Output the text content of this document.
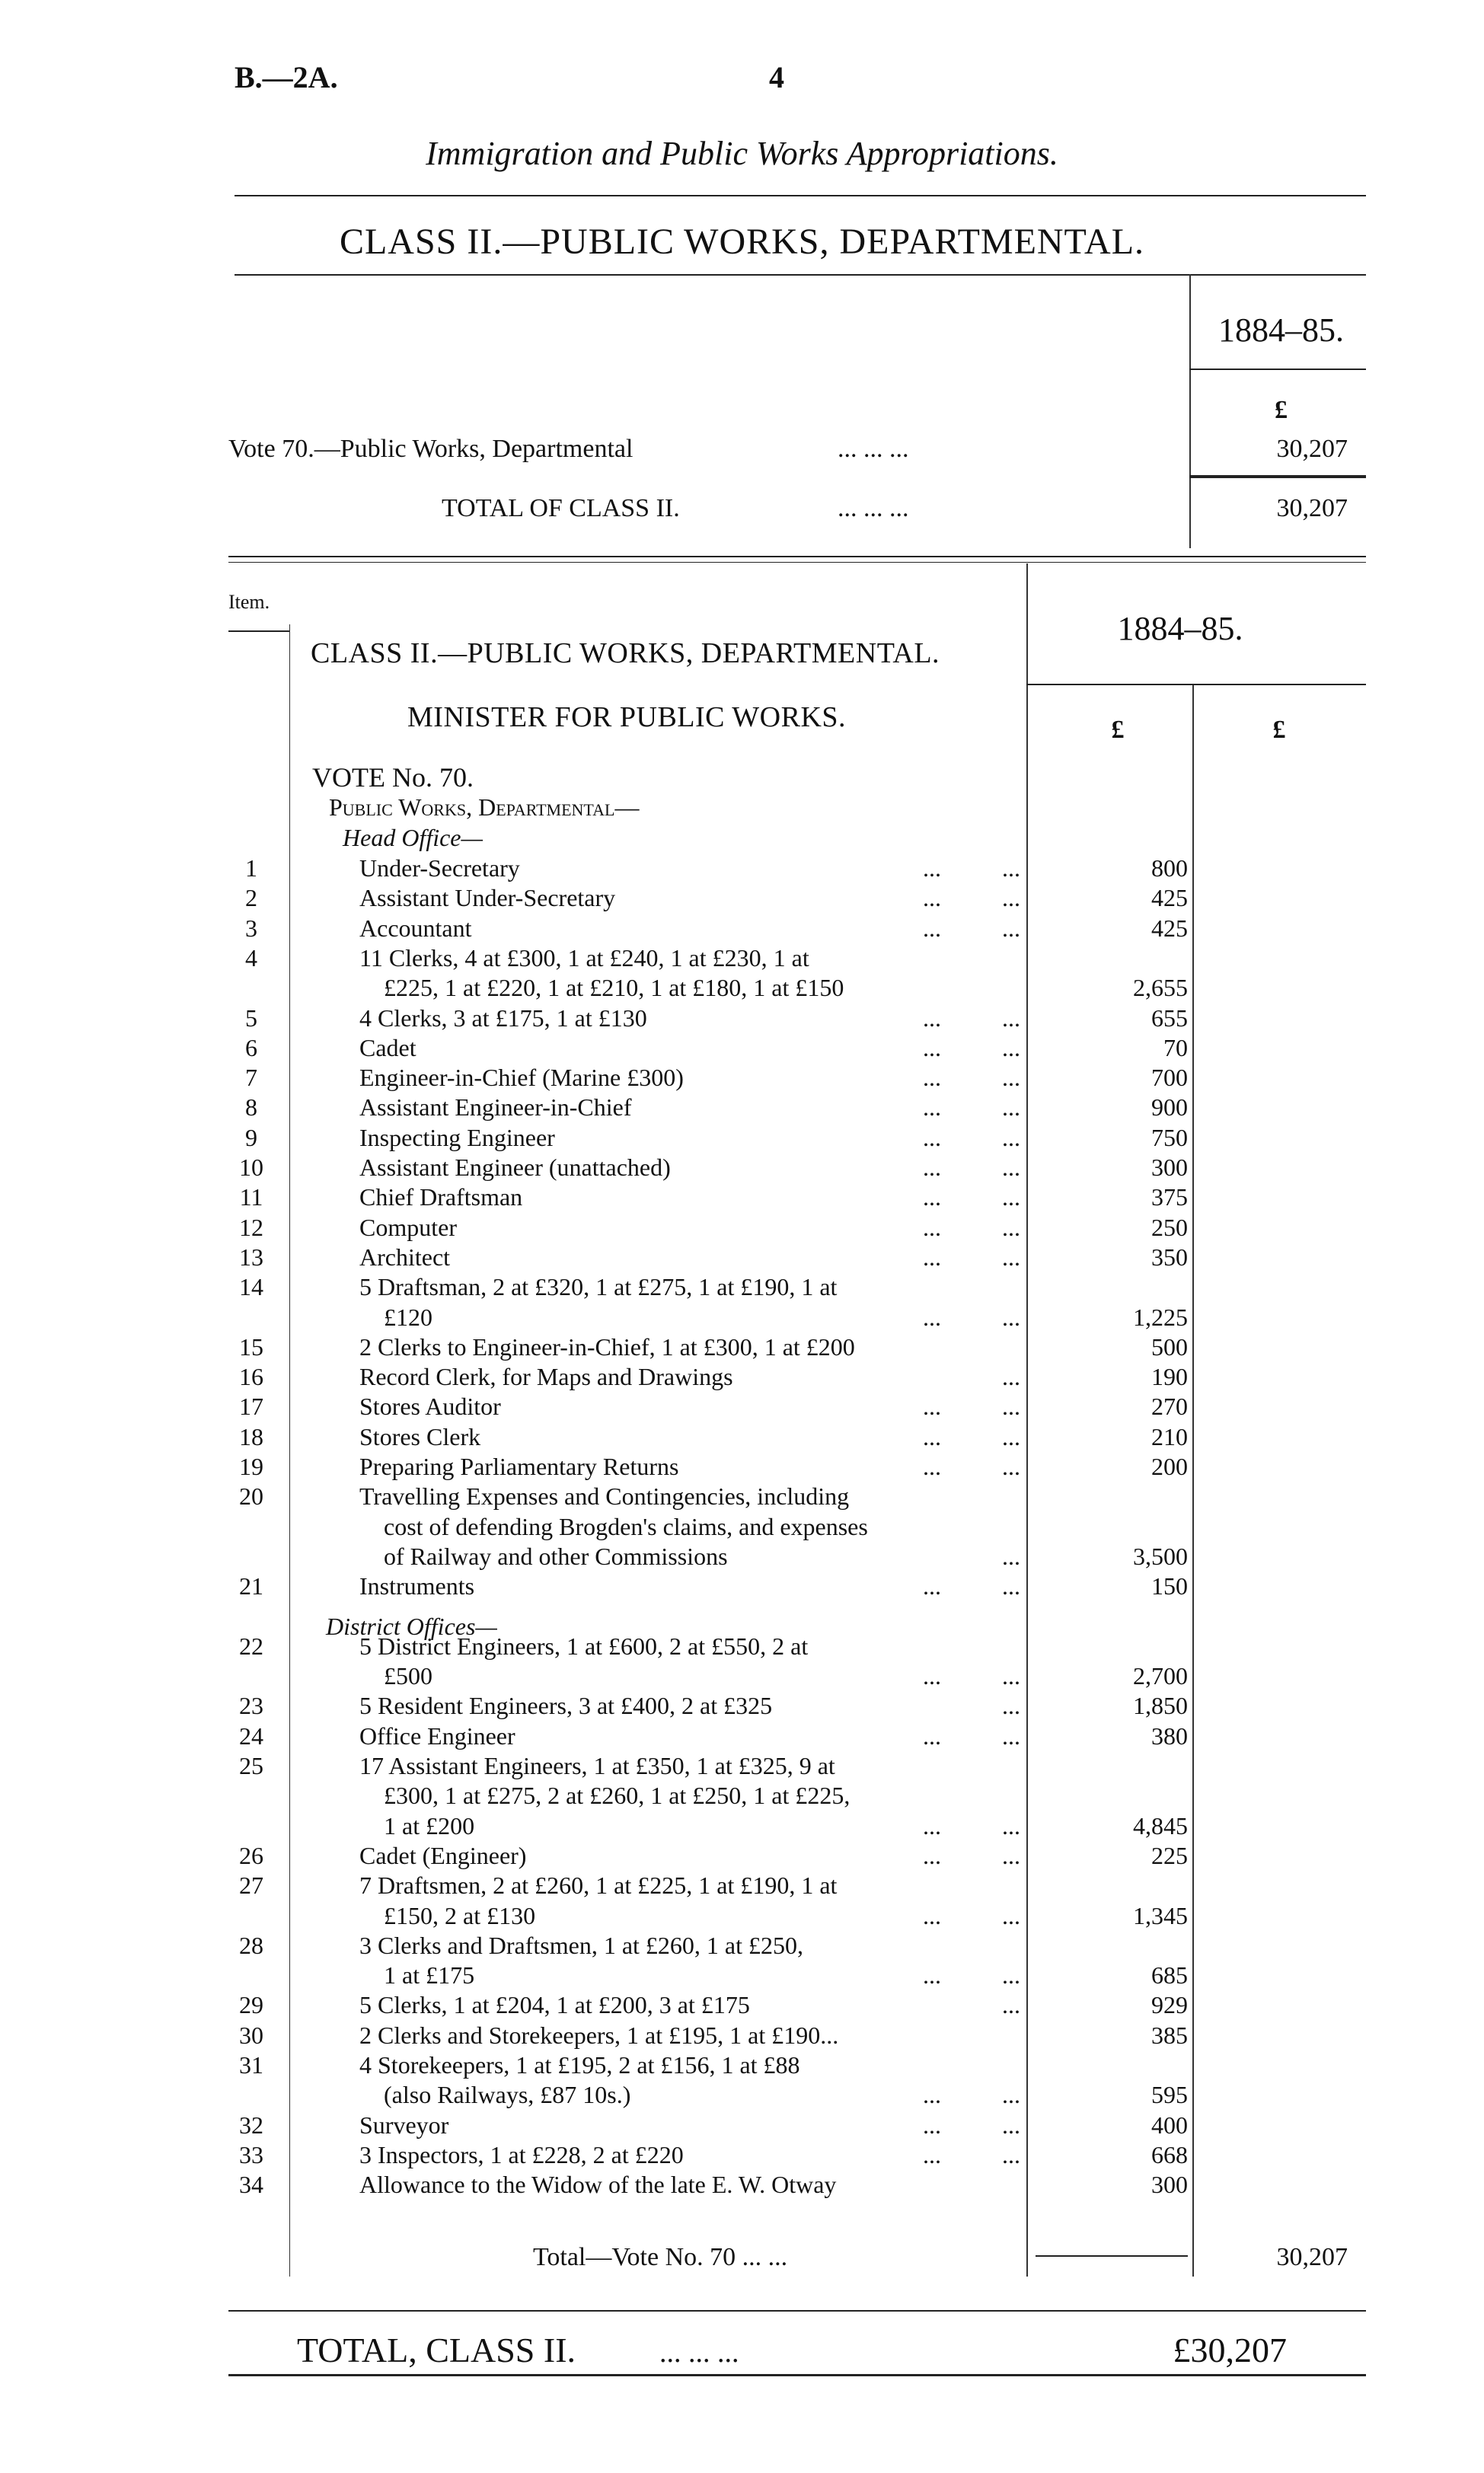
B.—2A.	4
Immigration and Public Works Appropriations.
CLASS II.—PUBLIC WORKS, DEPARTMENTAL.
1884–85.
£
Vote 70.—Public Works, Departmental	... ... ...	30,207
TOTAL OF CLASS II.	... ... ...	30,207
Item.
CLASS II.—PUBLIC WORKS, DEPARTMENTAL.
1884–85.
MINISTER FOR PUBLIC WORKS.	£	£
VOTE No. 70.
Public Works, Departmental—
Head Office—
District Offices—
1	Under-Secretary	...          ...	800
2	Assistant Under-Secretary	...          ...	425
3	Accountant	...          ...	425
4	11 Clerks, 4 at £300, 1 at £240, 1 at £230, 1 at
£225, 1 at £220, 1 at £210, 1 at £180, 1 at £150	2,655
5	4 Clerks, 3 at £175, 1 at £130	...          ...	655
6	Cadet	...          ...	70
7	Engineer-in-Chief (Marine £300)	...          ...	700
8	Assistant Engineer-in-Chief	...          ...	900
9	Inspecting Engineer	...          ...	750
10	Assistant Engineer (unattached)	...          ...	300
11	Chief Draftsman	...          ...	375
12	Computer	...          ...	250
13	Architect	...          ...	350
14	5 Draftsman, 2 at £320, 1 at £275, 1 at £190, 1 at
£120	...          ...	1,225
15	2 Clerks to Engineer-in-Chief, 1 at £300, 1 at £200	500
16	Record Clerk, for Maps and Drawings	...	190
17	Stores Auditor	...          ...	270
18	Stores Clerk	...          ...	210
19	Preparing Parliamentary Returns	...          ...	200
20	Travelling Expenses and Contingencies, including
cost of defending Brogden's claims, and expenses
of Railway and other Commissions	...	3,500
21	Instruments	...          ...	150
22	5 District Engineers, 1 at £600, 2 at £550, 2 at
£500	...          ...	2,700
23	5 Resident Engineers, 3 at £400, 2 at £325	...	1,850
24	Office Engineer	...          ...	380
25	17 Assistant Engineers, 1 at £350, 1 at £325, 9 at
£300, 1 at £275, 2 at £260, 1 at £250, 1 at £225,
1 at £200	...          ...	4,845
26	Cadet (Engineer)	...          ...	225
27	7 Draftsmen, 2 at £260, 1 at £225, 1 at £190, 1 at
£150, 2 at £130	...          ...	1,345
28	3 Clerks and Draftsmen, 1 at £260, 1 at £250,
1 at £175	...          ...	685
29	5 Clerks, 1 at £204, 1 at £200, 3 at £175	...	929
30	2 Clerks and Storekeepers, 1 at £195, 1 at £190...	385
31	4 Storekeepers, 1 at £195, 2 at £156, 1 at £88
(also Railways, £87 10s.)	...          ...	595
32	Surveyor	...          ...	400
33	3 Inspectors, 1 at £228, 2 at £220	...          ...	668
34	Allowance to the Widow of the late E. W. Otway	300
Total—Vote No. 70 ... ...	30,207
TOTAL, CLASS II.	... ... ...	£30,207
